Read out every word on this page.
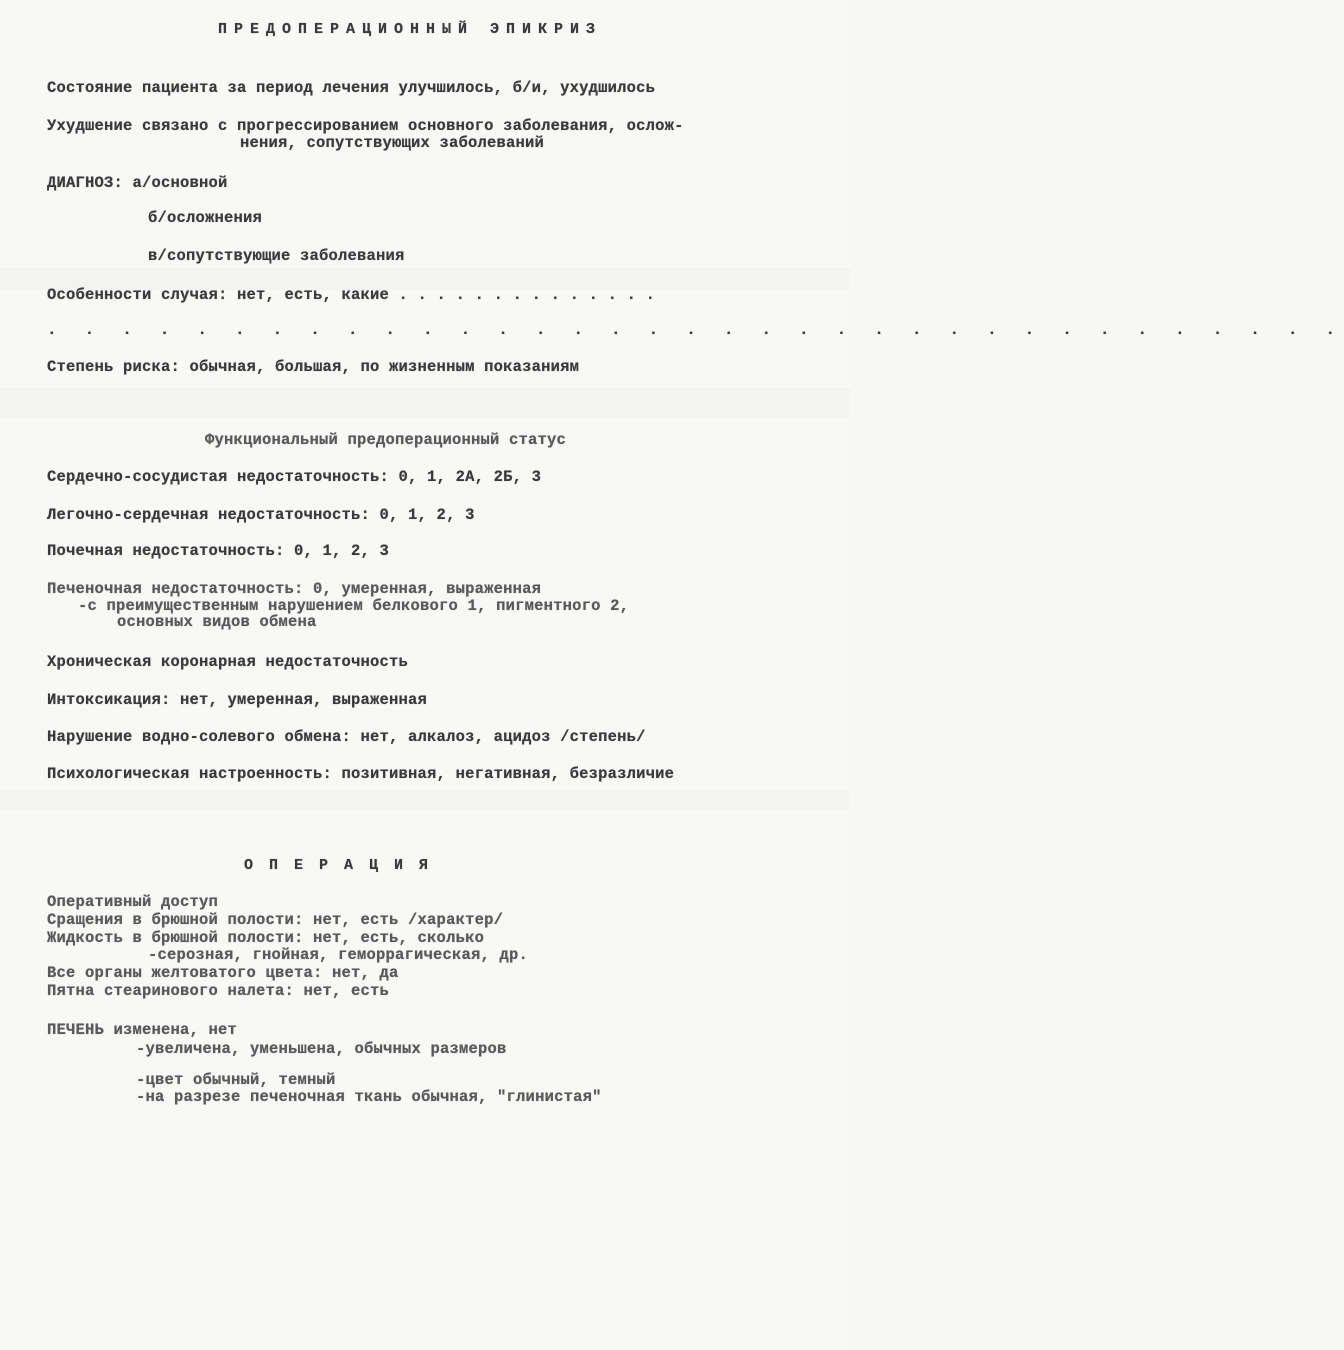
ПРЕДОПЕРАЦИОННЫЙ ЭПИКРИЗ
Состояние пациента за период лечения улучшилось, б/и, ухудшилось
Ухудшение связано с прогрессированием основного заболевания, ослож-
нения, сопутствующих заболеваний
ДИАГНОЗ: а/основной
б/осложнения
в/сопутствующие заболевания
Особенности случая: нет, есть, какие . . . . . . . . . . . . . .
. . . . . . . . . . . . . . . . . . . . . . . . . . . . . . . . . . .
Степень риска: обычная, большая, по жизненным показаниям
Функциональный предоперационный статус
Сердечно-сосудистая недостаточность: 0, 1, 2А, 2Б, 3
Легочно-сердечная недостаточность: 0, 1, 2, 3
Почечная недостаточность: 0, 1, 2, 3
Печеночная недостаточность: 0, умеренная, выраженная
-с преимущественным нарушением белкового 1, пигментного 2,
основных видов обмена
Хроническая коронарная недостаточность
Интоксикация: нет, умеренная, выраженная
Нарушение водно-солевого обмена: нет, алкалоз, ацидоз /степень/
Психологическая настроенность: позитивная, негативная, безразличие
ОПЕРАЦИЯ
Оперативный доступ
Сращения в брюшной полости: нет, есть /характер/
Жидкость в брюшной полости: нет, есть, сколько
-серозная, гнойная, геморрагическая, др.
Все органы желтоватого цвета: нет, да
Пятна стеаринового налета: нет, есть
ПЕЧЕНЬ изменена, нет
-увеличена, уменьшена, обычных размеров
-цвет обычный, темный
-на разрезе печеночная ткань обычная, "глинистая"
